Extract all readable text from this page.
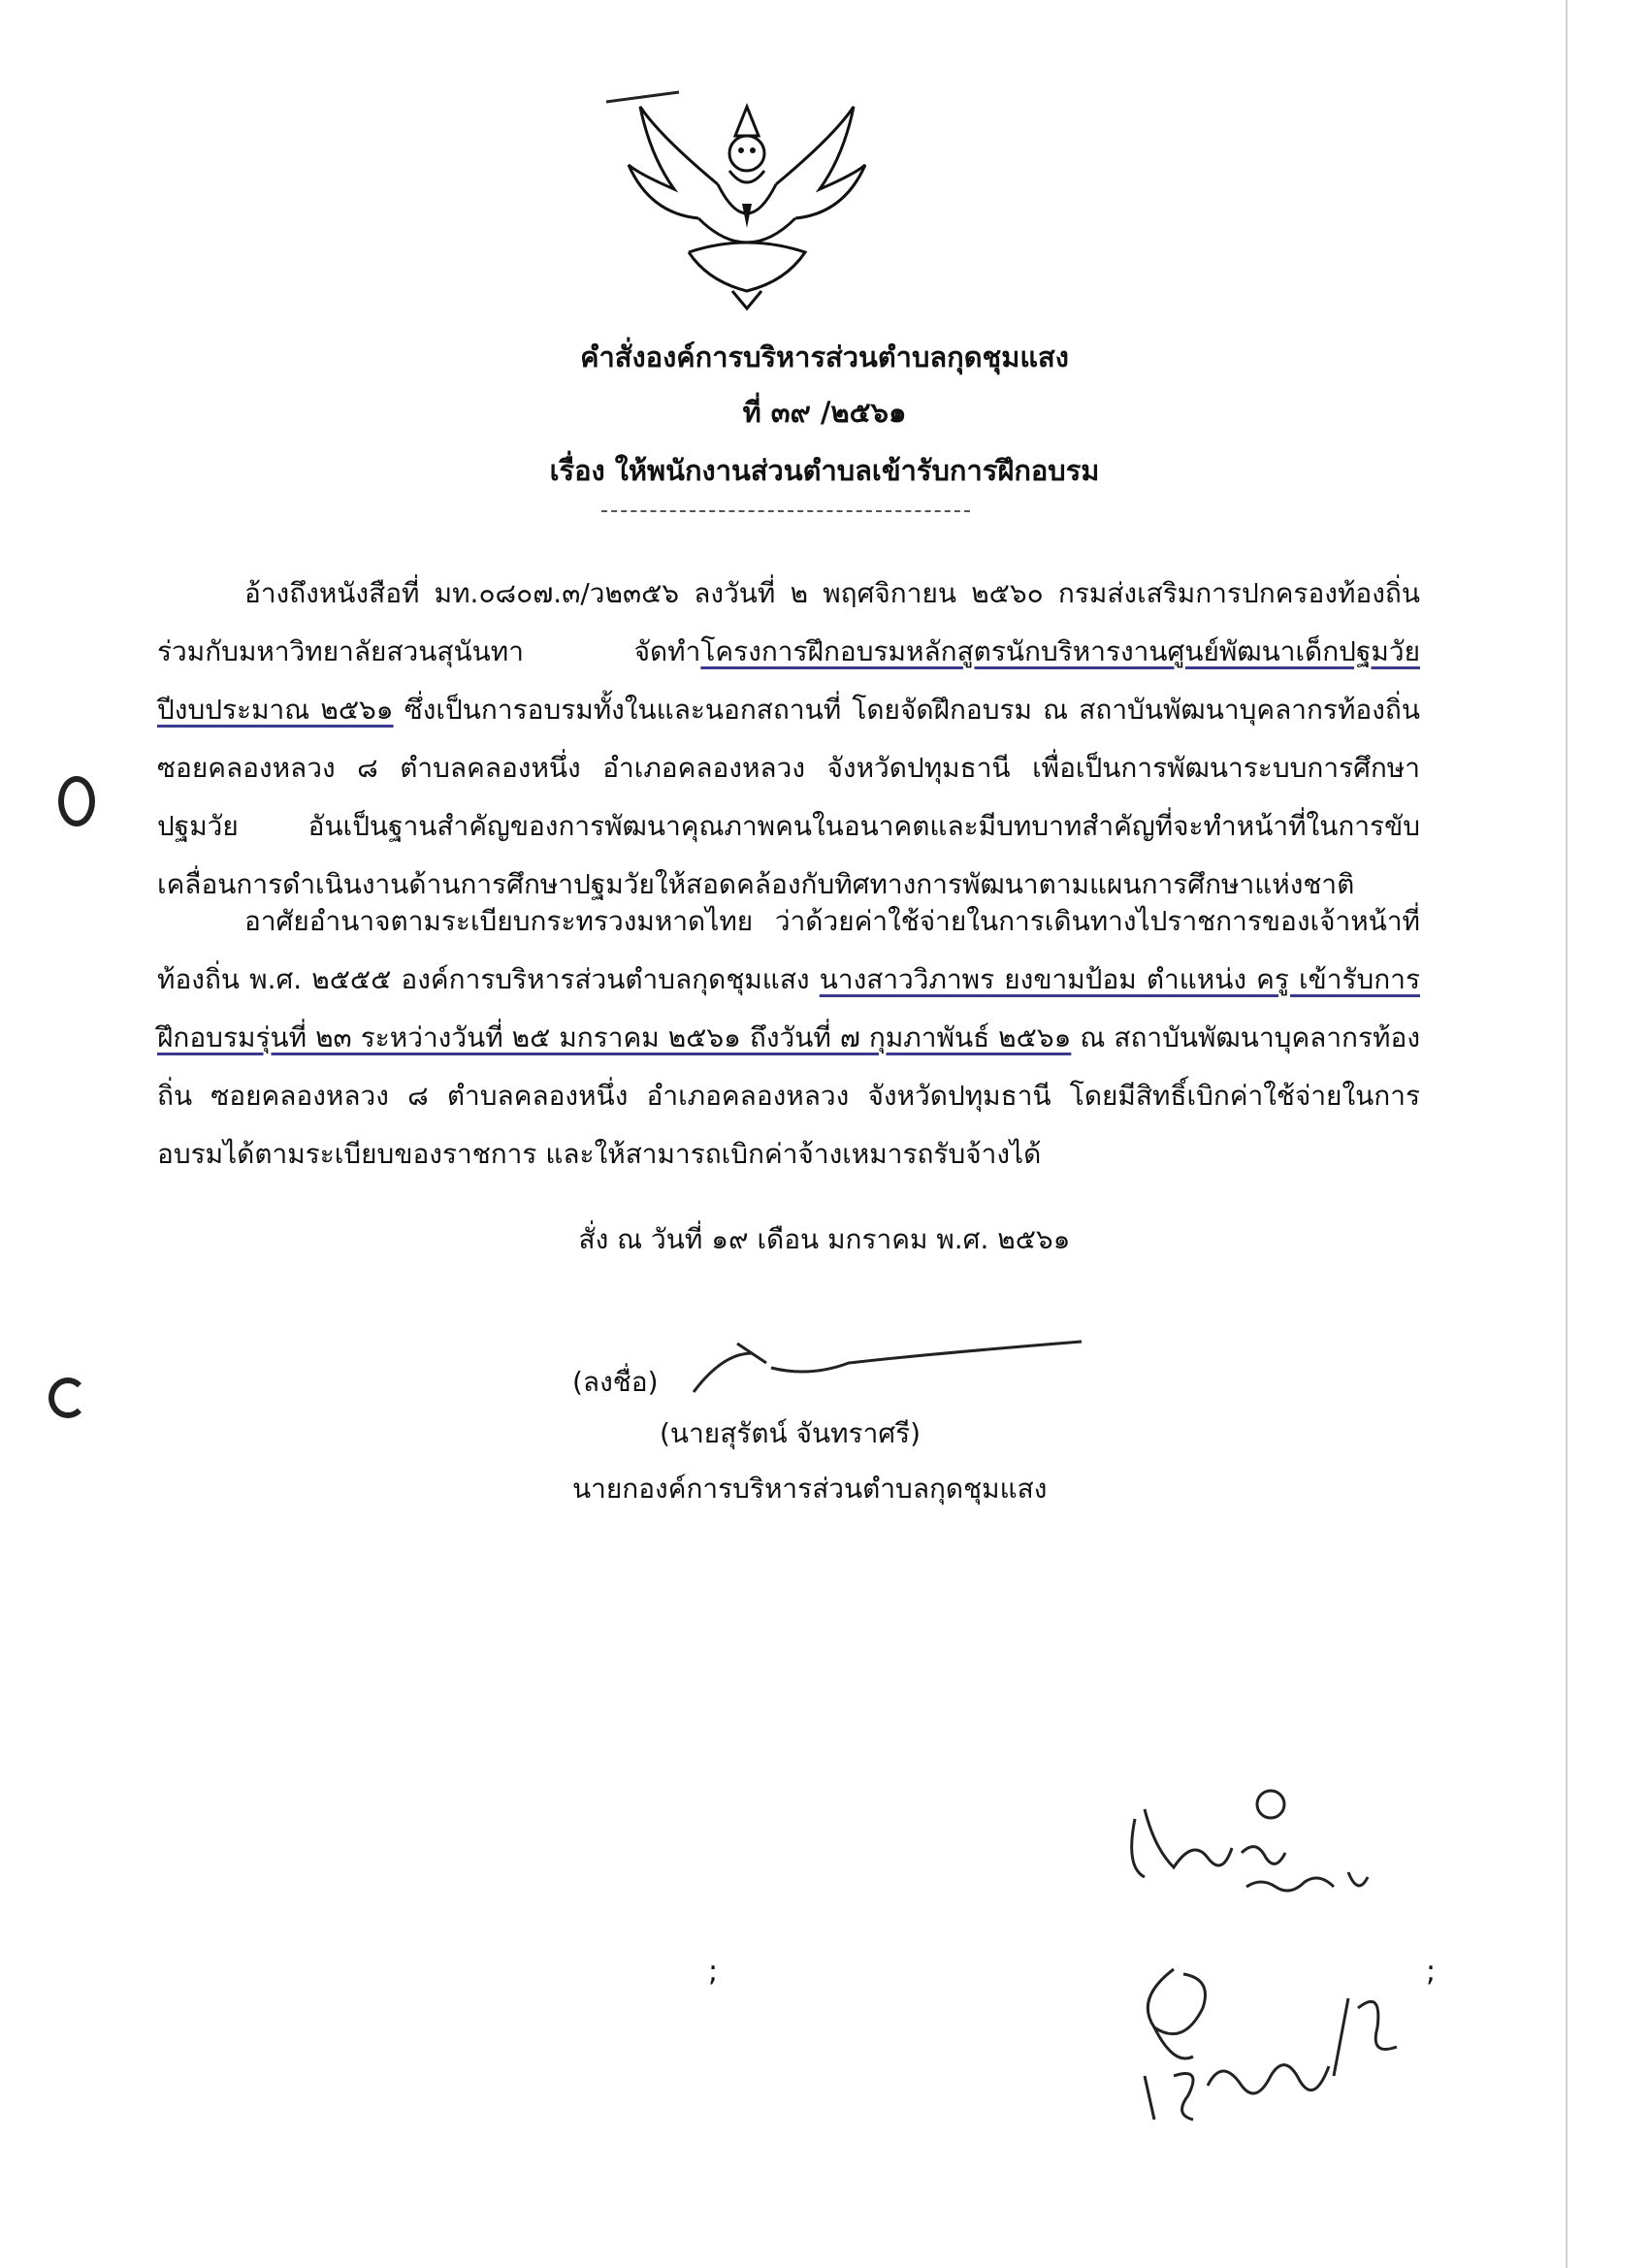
คำสั่งองค์การบริหารส่วนตำบลกุดชุมแสง
ที่ ๓๙ /๒๕๖๑
เรื่อง ให้พนักงานส่วนตำบลเข้ารับการฝึกอบรม

อ้างถึงหนังสือที่ มท.๐๘๐๗.๓/ว๒๓๕๖ ลงวันที่ ๒ พฤศจิกายน ๒๕๖๐ กรมส่งเสริมการปกครองท้องถิ่น ร่วมกับมหาวิทยาลัยสวนสุนันทา จัดทำโครงการฝึกอบรมหลักสูตรนักบริหารงานศูนย์พัฒนาเด็กปฐมวัย ปีงบประมาณ ๒๕๖๑ ซึ่งเป็นการอบรมทั้งในและนอกสถานที่ โดยจัดฝึกอบรม ณ สถาบันพัฒนาบุคลากรท้องถิ่น ซอยคลองหลวง ๘ ตำบลคลองหนึ่ง อำเภอคลองหลวง จังหวัดปทุมธานี เพื่อเป็นการพัฒนาระบบการศึกษาปฐมวัย อันเป็นฐานสำคัญของการพัฒนาคุณภาพคนในอนาคตและมีบทบาทสำคัญที่จะทำหน้าที่ในการขับเคลื่อนการดำเนินงานด้านการศึกษาปฐมวัยให้สอดคล้องกับทิศทางการพัฒนาตามแผนการศึกษาแห่งชาติ

อาศัยอำนาจตามระเบียบกระทรวงมหาดไทย ว่าด้วยค่าใช้จ่ายในการเดินทางไปราชการของเจ้าหน้าที่ท้องถิ่น พ.ศ. ๒๕๕๕ องค์การบริหารส่วนตำบลกุดชุมแสง นางสาววิภาพร ยงขามป้อม ตำแหน่ง ครู เข้ารับการฝึกอบรมรุ่นที่ ๒๓ ระหว่างวันที่ ๒๕ มกราคม ๒๕๖๑ ถึงวันที่ ๗ กุมภาพันธ์ ๒๕๖๑ ณ สถาบันพัฒนาบุคลากรท้องถิ่น ซอยคลองหลวง ๘ ตำบลคลองหนึ่ง อำเภอคลองหลวง จังหวัดปทุมธานี โดยมีสิทธิ์เบิกค่าใช้จ่ายในการอบรมได้ตามระเบียบของราชการ และให้สามารถเบิกค่าจ้างเหมารถรับจ้างได้

สั่ง ณ วันที่ ๑๙ เดือน มกราคม พ.ศ. ๒๕๖๑
(ลงชื่อ)
(นายสุรัตน์ จันทราศรี)
นายกองค์การบริหารส่วนตำบลกุดชุมแสง
;	;
